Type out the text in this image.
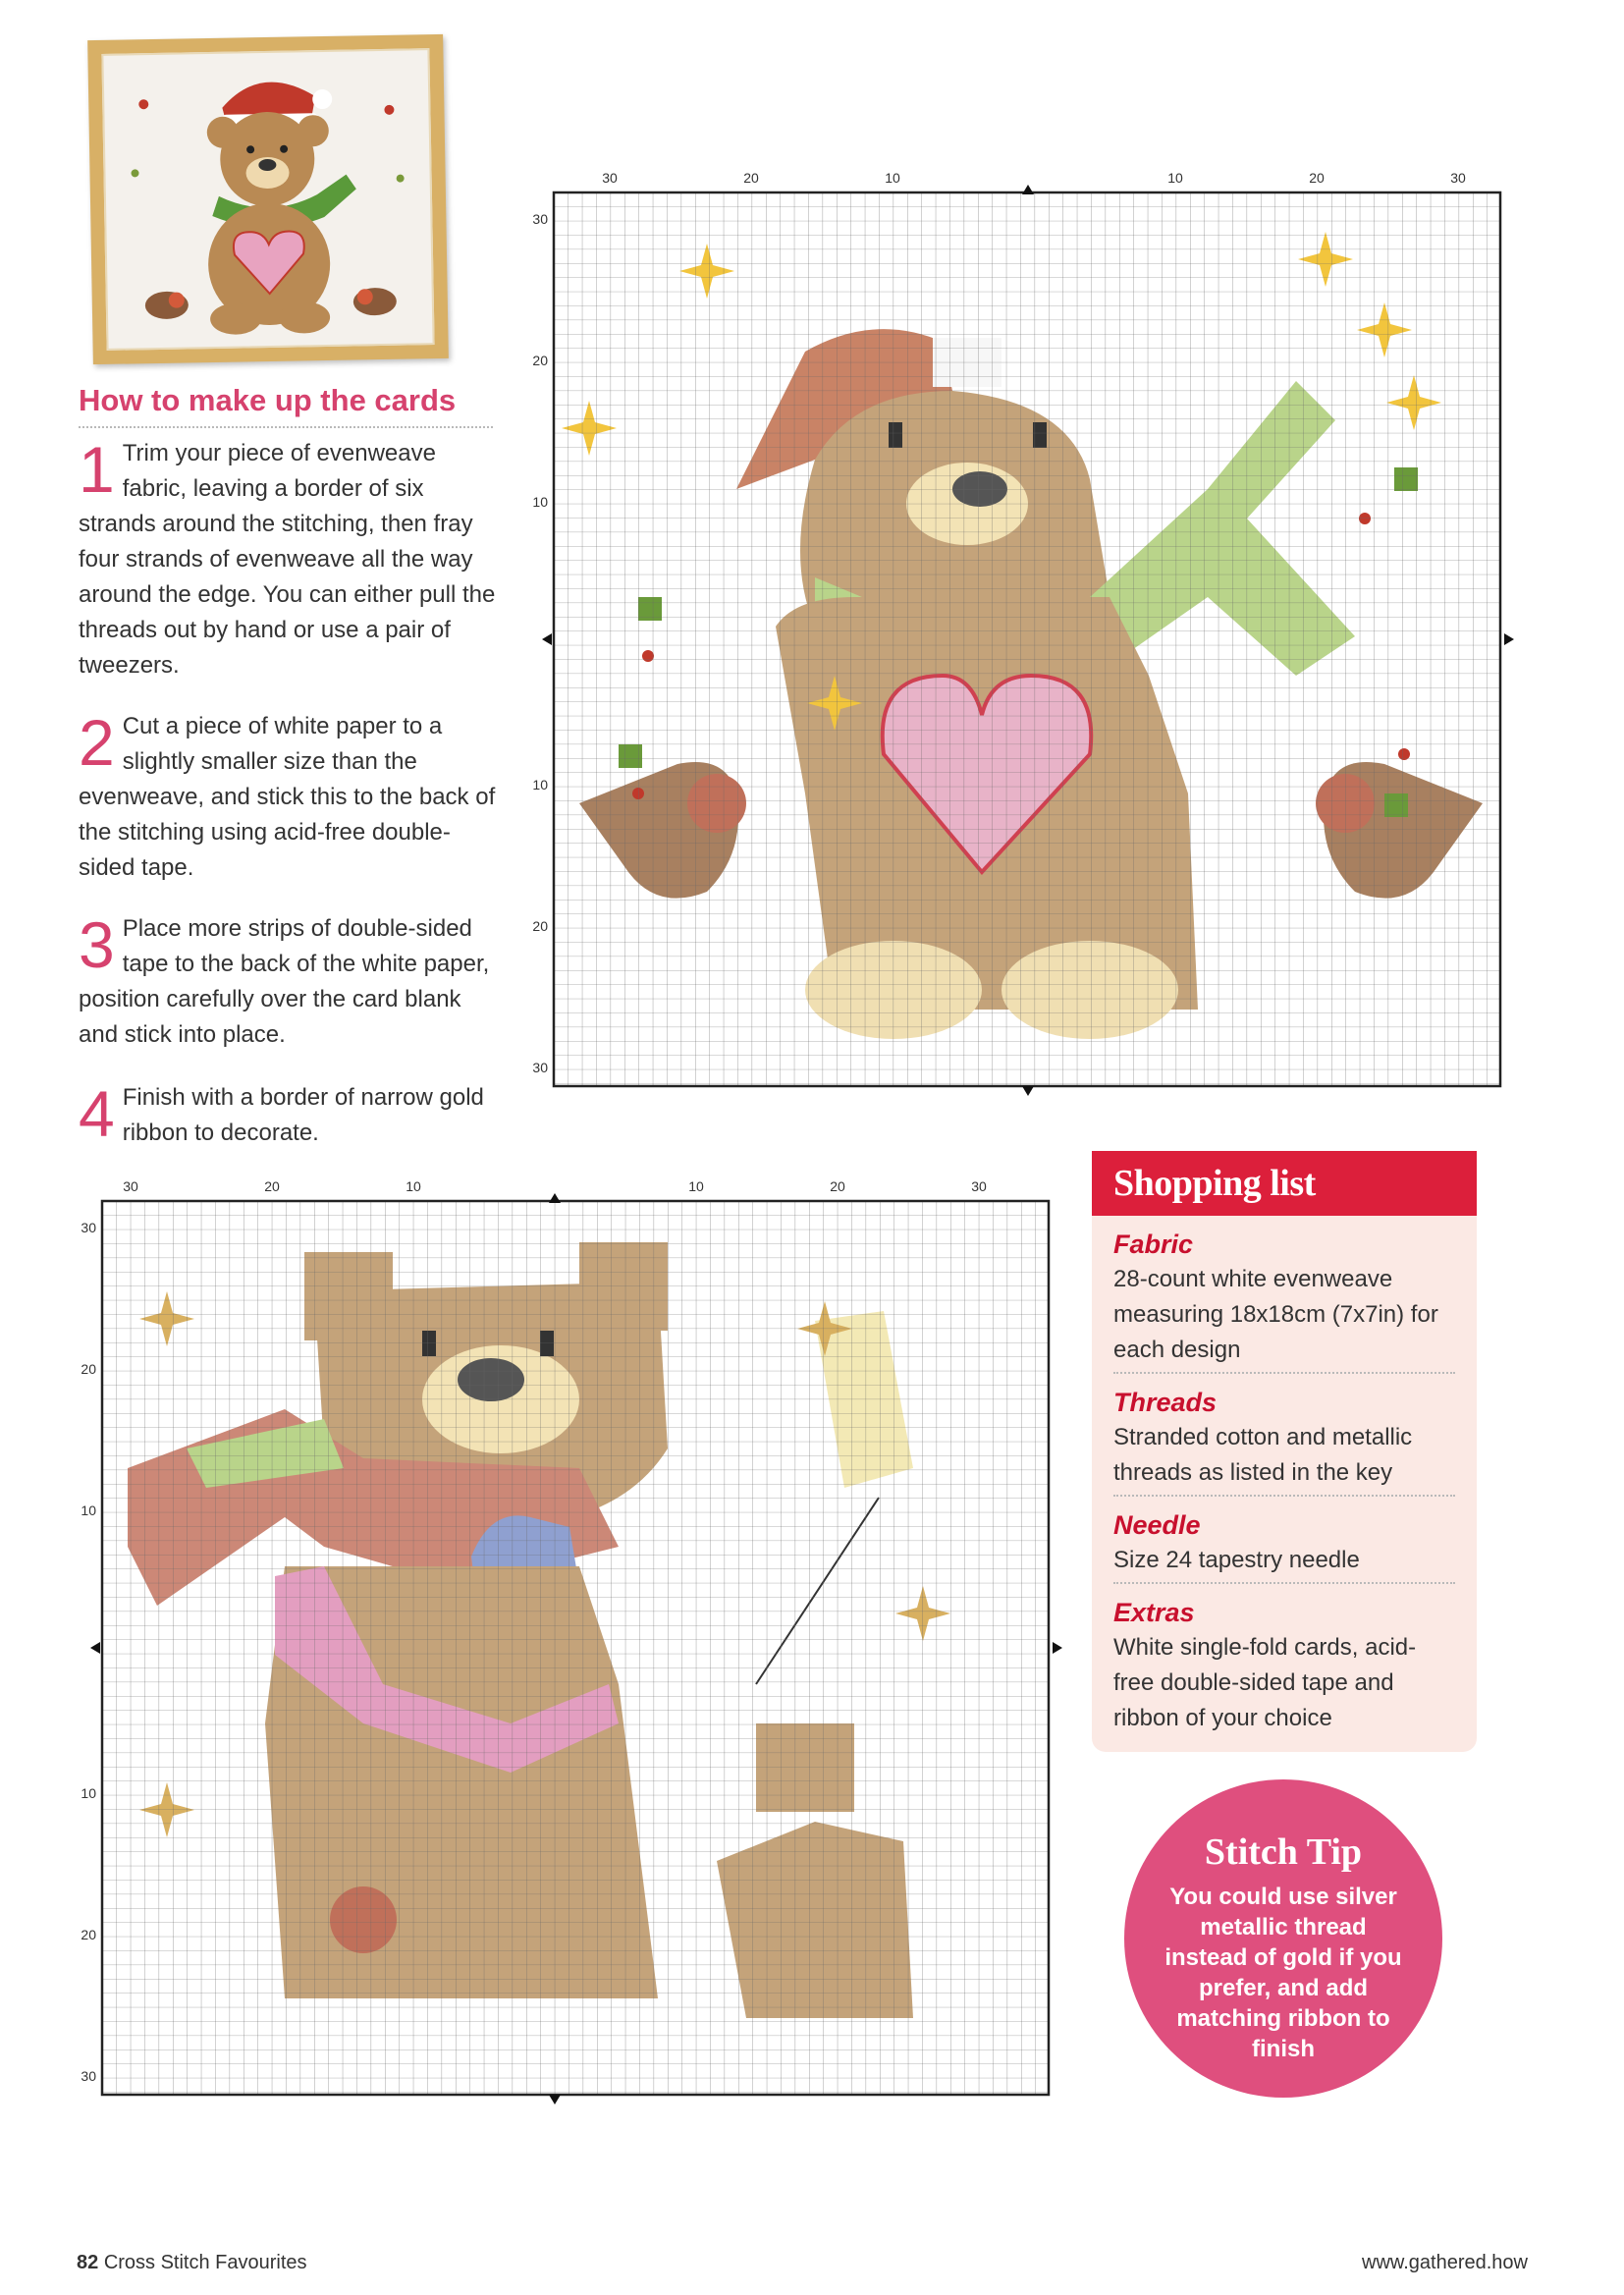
How to make up the cards
1 Trim your piece of evenweave fabric, leaving a border of six strands around the stitching, then fray four strands of evenweave all the way around the edge. You can either pull the threads out by hand or use a pair of tweezers.

2 Cut a piece of white paper to a slightly smaller size than the evenweave, and stick this to the back of the stitching using acid-free double-sided tape.

3 Place more strips of double-sided tape to the back of the white paper, position carefully over the card blank and stick into place.

4 Finish with a border of narrow gold ribbon to decorate.

30	20	10	10	20	30
30
20
10
10
20
30
30	20	10	10	20	30
30
20
10
10
20
30
Shopping list
Fabric
28-count white evenweave measuring 18x18cm (7x7in) for each design
Threads
Stranded cotton and metallic threads as listed in the key
Needle
Size 24 tapestry needle
Extras
White single-fold cards, acid-free double-sided tape and ribbon of your choice
Stitch Tip
You could use silver metallic thread instead of gold if you prefer, and add matching ribbon to finish
82 Cross Stitch Favourites	www.gathered.how
